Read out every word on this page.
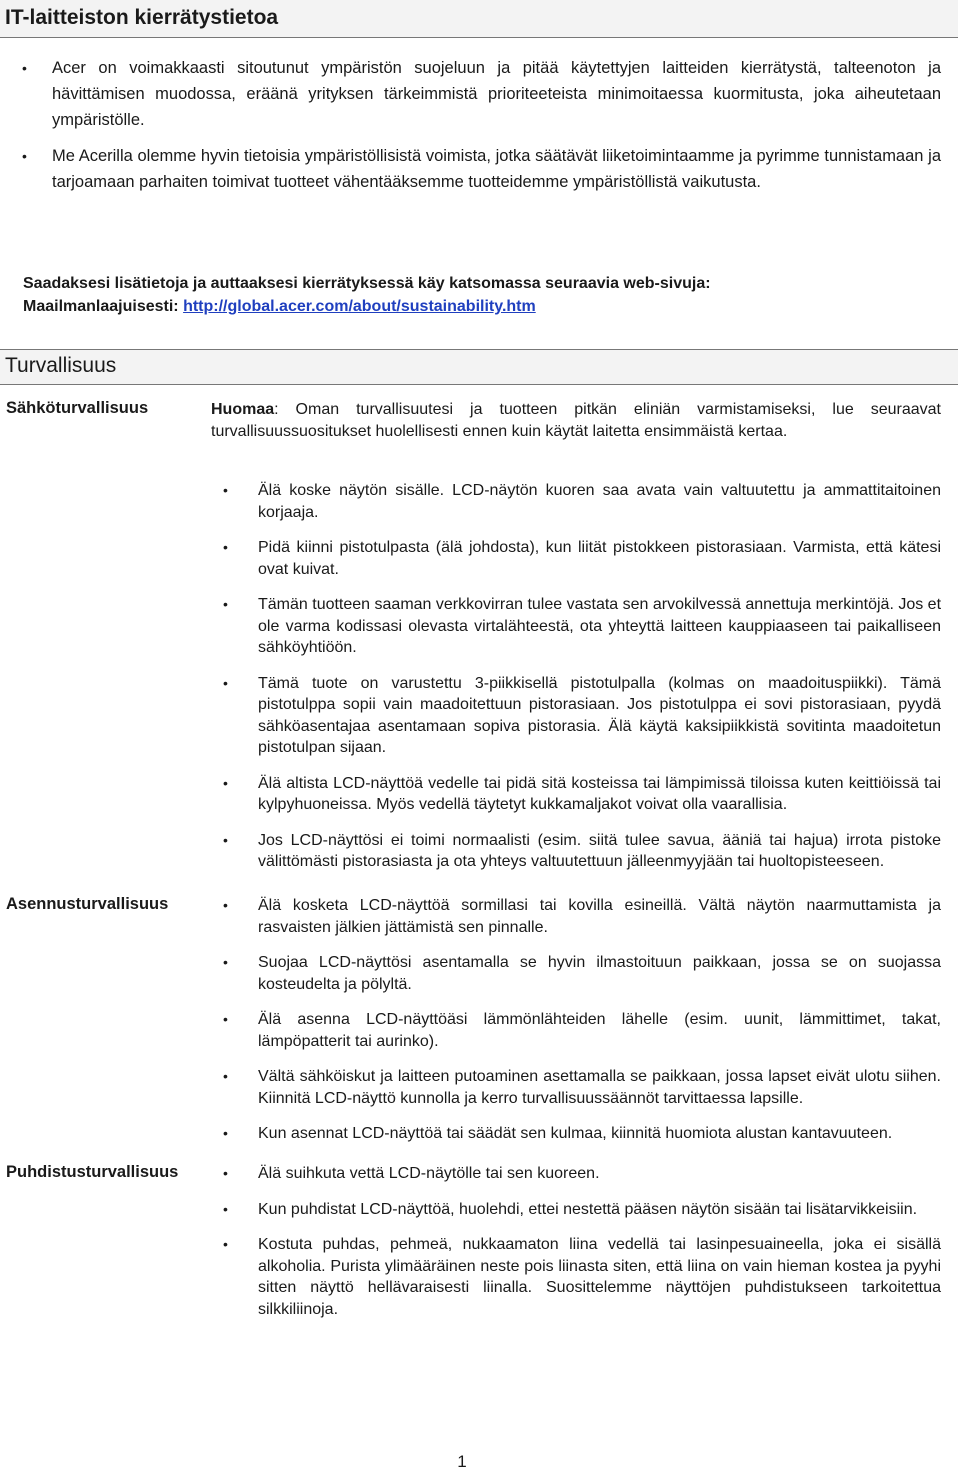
IT-laitteiston kierrätystietoa
• Acer on voimakkaasti sitoutunut ympäristön suojeluun ja pitää käytettyjen laitteiden kierrätystä, talteenoton ja hävittämisen muodossa, eräänä yrityksen tärkeimmistä prioriteeteista minimoitaessa kuormitusta, joka aiheutetaan ympäristölle.
• Me Acerilla olemme hyvin tietoisia ympäristöllisistä voimista, jotka säätävät liiketoimintaamme ja pyrimme tunnistamaan ja tarjoamaan parhaiten toimivat tuotteet vähentääksemme tuotteidemme ympäristöllistä vaikutusta.
Saadaksesi lisätietoja ja auttaaksesi kierrätyksessä käy katsomassa seuraavia web-sivuja:
Maailmanlaajuisesti: http://global.acer.com/about/sustainability.htm
Turvallisuus
Sähköturvallisuus	Huomaa: Oman turvallisuutesi ja tuotteen pitkän eliniän varmistamiseksi, lue seuraavat turvallisuussuositukset huolellisesti ennen kuin käytät laitetta ensimmäistä kertaa.
• Älä koske näytön sisälle. LCD-näytön kuoren saa avata vain valtuutettu ja ammattitaitoinen korjaaja.
• Pidä kiinni pistotulpasta (älä johdosta), kun liität pistokkeen pistorasiaan. Varmista, että kätesi ovat kuivat.
• Tämän tuotteen saaman verkkovirran tulee vastata sen arvokilvessä annettuja merkintöjä. Jos et ole varma kodissasi olevasta virtalähteestä, ota yhteyttä laitteen kauppiaaseen tai paikalliseen sähköyhtiöön.
• Tämä tuote on varustettu 3-piikkisellä pistotulpalla (kolmas on maadoituspiikki). Tämä pistotulppa sopii vain maadoitettuun pistorasiaan. Jos pistotulppa ei sovi pistorasiaan, pyydä sähköasentajaa asentamaan sopiva pistorasia. Älä käytä kaksipiikkistä sovitinta maadoitetun pistotulpan sijaan.
• Älä altista LCD-näyttöä vedelle tai pidä sitä kosteissa tai lämpimissä tiloissa kuten keittiöissä tai kylpyhuoneissa. Myös vedellä täytetyt kukkamaljakot voivat olla vaarallisia.
• Jos LCD-näyttösi ei toimi normaalisti (esim. siitä tulee savua, ääniä tai hajua) irrota pistoke välittömästi pistorasiasta ja ota yhteys valtuutettuun jälleenmyyjään tai huoltopisteeseen.
Asennusturvallisuus	• Älä kosketa LCD-näyttöä sormillasi tai kovilla esineillä. Vältä näytön naarmuttamista ja rasvaisten jälkien jättämistä sen pinnalle.
• Suojaa LCD-näyttösi asentamalla se hyvin ilmastoituun paikkaan, jossa se on suojassa kosteudelta ja pölyltä.
• Älä asenna LCD-näyttöäsi lämmönlähteiden lähelle (esim. uunit, lämmittimet, takat, lämpöpatterit tai aurinko).
• Vältä sähköiskut ja laitteen putoaminen asettamalla se paikkaan, jossa lapset eivät ulotu siihen. Kiinnitä LCD-näyttö kunnolla ja kerro turvallisuussäännöt tarvittaessa lapsille.
• Kun asennat LCD-näyttöä tai säädät sen kulmaa, kiinnitä huomiota alustan kantavuuteen.
Puhdistusturvallisuus	• Älä suihkuta vettä LCD-näytölle tai sen kuoreen.
• Kun puhdistat LCD-näyttöä, huolehdi, ettei nestettä pääsen näytön sisään tai lisätarvikkeisiin.
• Kostuta puhdas, pehmeä, nukkaamaton liina vedellä tai lasinpesuaineella, joka ei sisällä alkoholia. Purista ylimääräinen neste pois liinasta siten, että liina on vain hieman kostea ja pyyhi sitten näyttö hellävaraisesti liinalla. Suosittelemme näyttöjen puhdistukseen tarkoitettua silkkiliinoja.
1
